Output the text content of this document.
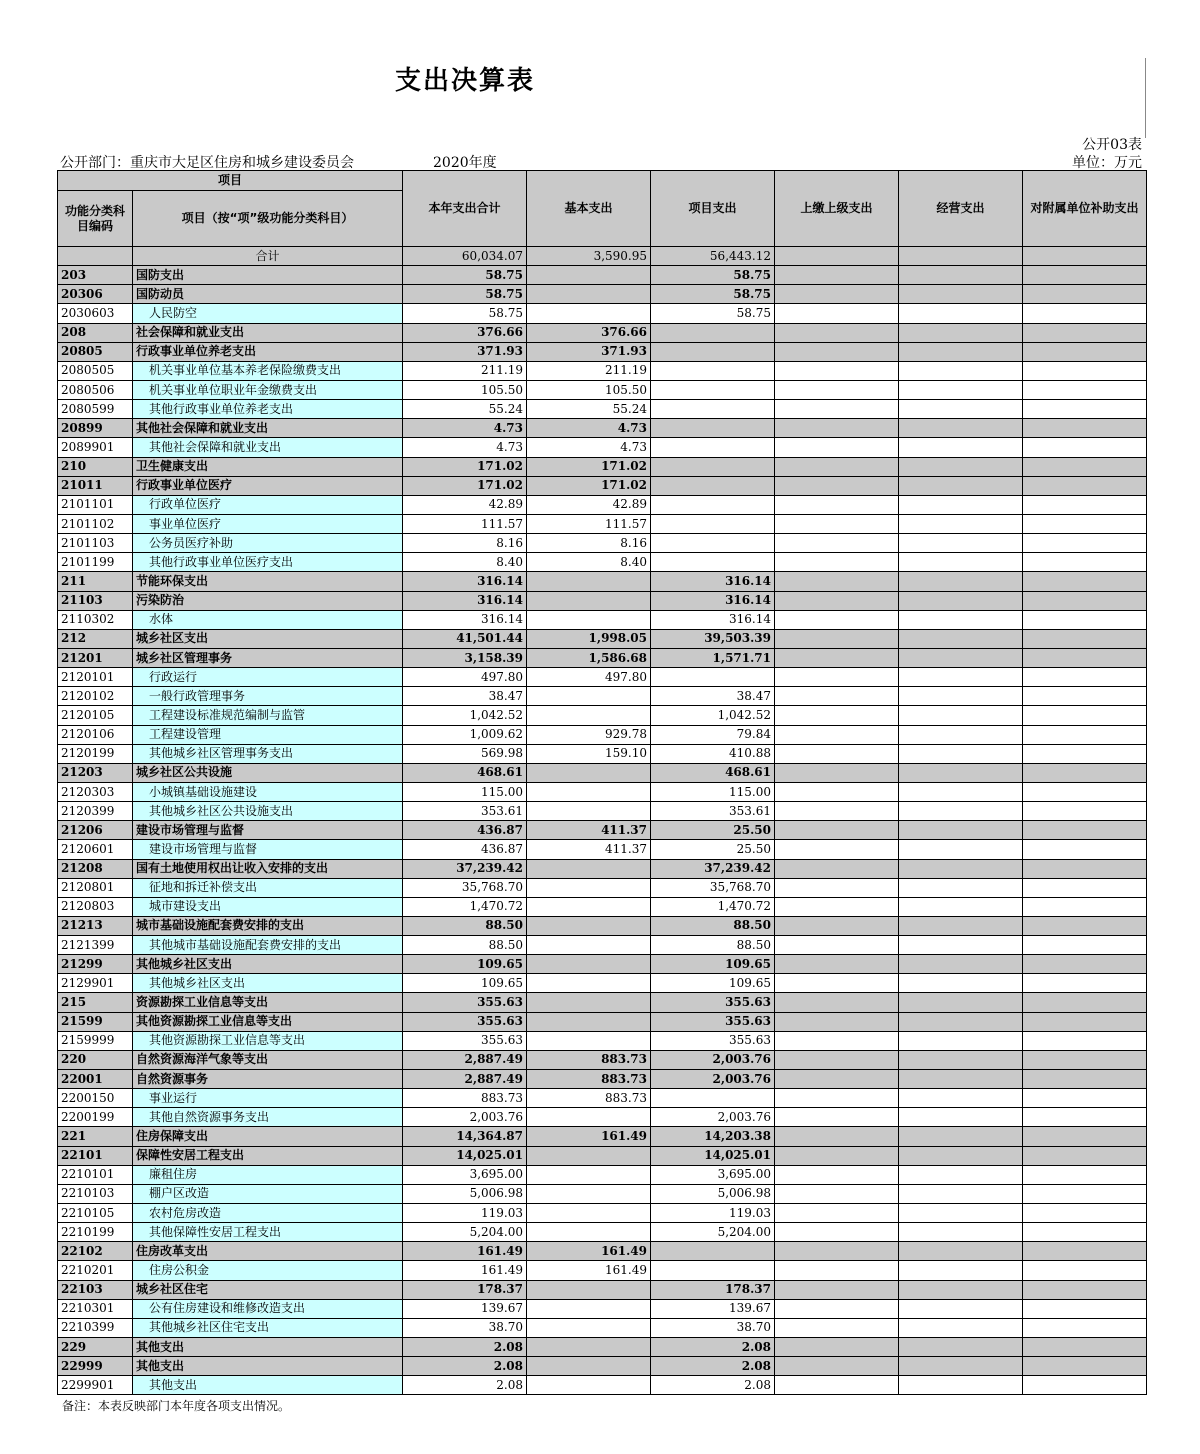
支出决算表
公开03表
公开部门：重庆市大足区住房和城乡建设委员会	2020年度	单位：万元
项目		本年支出合计	基本支出	项目支出	上缴上级支出	经营支出	对附属单位补助支出
功能分类科目编码	项目（按“项”级功能分类科目）						
	合计	60,034.07	3,590.95	56,443.12			
203	国防支出	58.75		58.75			
20306	国防动员	58.75		58.75			
2030603	人民防空	58.75		58.75			
208	社会保障和就业支出	376.66	376.66				
20805	行政事业单位养老支出	371.93	371.93				
2080505	机关事业单位基本养老保险缴费支出	211.19	211.19				
2080506	机关事业单位职业年金缴费支出	105.50	105.50				
2080599	其他行政事业单位养老支出	55.24	55.24				
20899	其他社会保障和就业支出	4.73	4.73				
2089901	其他社会保障和就业支出	4.73	4.73				
210	卫生健康支出	171.02	171.02				
21011	行政事业单位医疗	171.02	171.02				
2101101	行政单位医疗	42.89	42.89				
2101102	事业单位医疗	111.57	111.57				
2101103	公务员医疗补助	8.16	8.16				
2101199	其他行政事业单位医疗支出	8.40	8.40				
211	节能环保支出	316.14		316.14			
21103	污染防治	316.14		316.14			
2110302	水体	316.14		316.14			
212	城乡社区支出	41,501.44	1,998.05	39,503.39			
21201	城乡社区管理事务	3,158.39	1,586.68	1,571.71			
2120101	行政运行	497.80	497.80				
2120102	一般行政管理事务	38.47		38.47			
2120105	工程建设标准规范编制与监管	1,042.52		1,042.52			
2120106	工程建设管理	1,009.62	929.78	79.84			
2120199	其他城乡社区管理事务支出	569.98	159.10	410.88			
21203	城乡社区公共设施	468.61		468.61			
2120303	小城镇基础设施建设	115.00		115.00			
2120399	其他城乡社区公共设施支出	353.61		353.61			
21206	建设市场管理与监督	436.87	411.37	25.50			
2120601	建设市场管理与监督	436.87	411.37	25.50			
21208	国有土地使用权出让收入安排的支出	37,239.42		37,239.42			
2120801	征地和拆迁补偿支出	35,768.70		35,768.70			
2120803	城市建设支出	1,470.72		1,470.72			
21213	城市基础设施配套费安排的支出	88.50		88.50			
2121399	其他城市基础设施配套费安排的支出	88.50		88.50			
21299	其他城乡社区支出	109.65		109.65			
2129901	其他城乡社区支出	109.65		109.65			
215	资源勘探工业信息等支出	355.63		355.63			
21599	其他资源勘探工业信息等支出	355.63		355.63			
2159999	其他资源勘探工业信息等支出	355.63		355.63			
220	自然资源海洋气象等支出	2,887.49	883.73	2,003.76			
22001	自然资源事务	2,887.49	883.73	2,003.76			
2200150	事业运行	883.73	883.73				
2200199	其他自然资源事务支出	2,003.76		2,003.76			
221	住房保障支出	14,364.87	161.49	14,203.38			
22101	保障性安居工程支出	14,025.01		14,025.01			
2210101	廉租住房	3,695.00		3,695.00			
2210103	棚户区改造	5,006.98		5,006.98			
2210105	农村危房改造	119.03		119.03			
2210199	其他保障性安居工程支出	5,204.00		5,204.00			
22102	住房改革支出	161.49	161.49				
2210201	住房公积金	161.49	161.49				
22103	城乡社区住宅	178.37		178.37			
2210301	公有住房建设和维修改造支出	139.67		139.67			
2210399	其他城乡社区住宅支出	38.70		38.70			
229	其他支出	2.08		2.08			
22999	其他支出	2.08		2.08			
2299901	其他支出	2.08		2.08			
备注：本表反映部门本年度各项支出情况。
